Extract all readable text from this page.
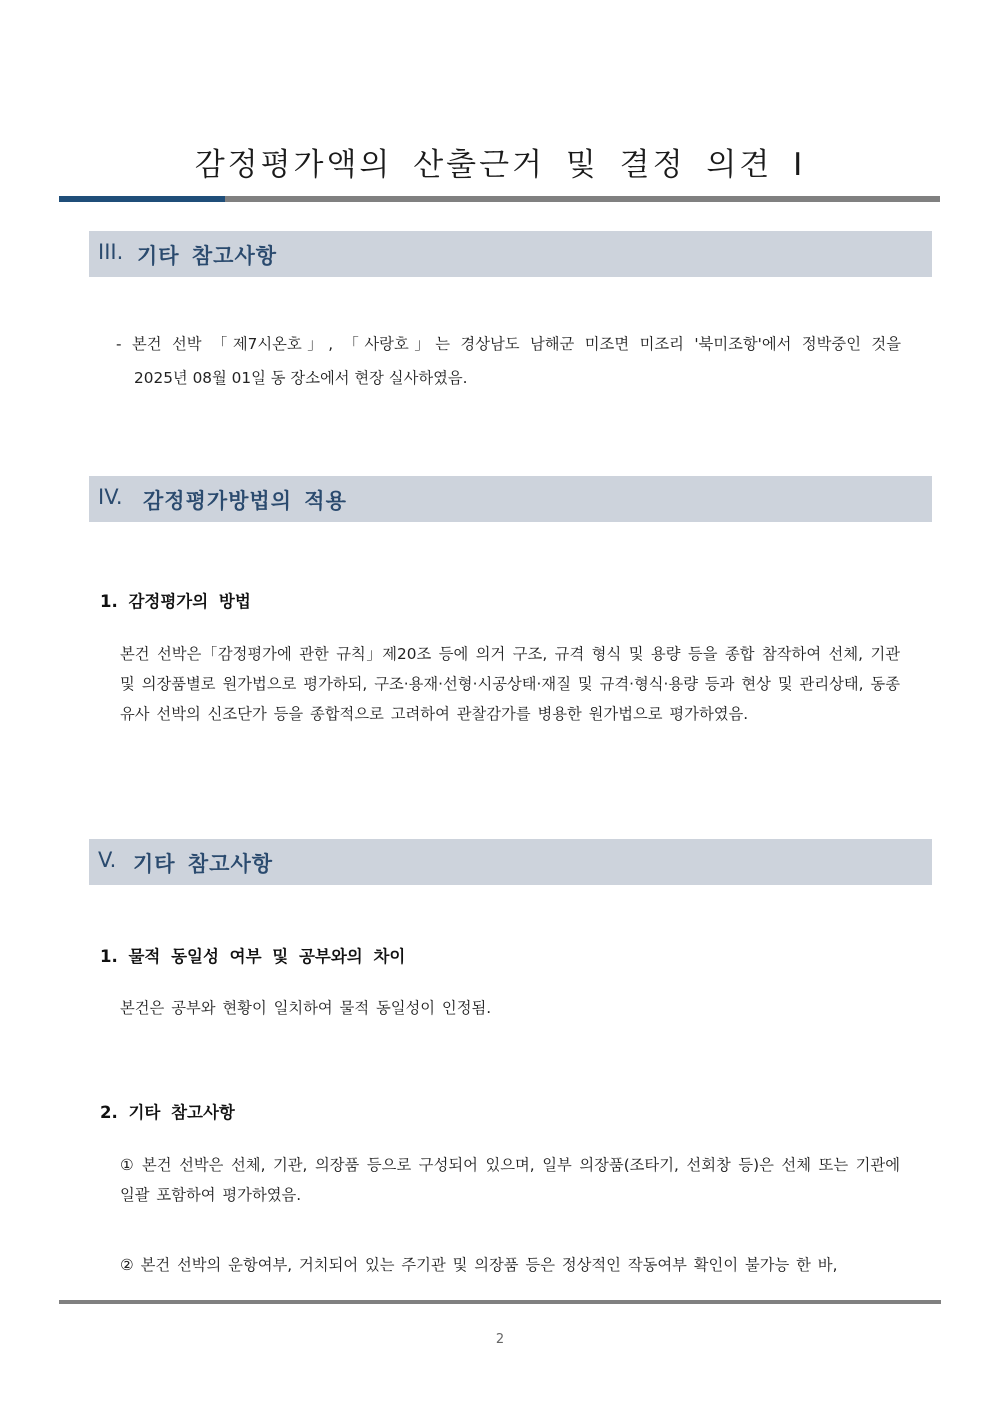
감정평가액의 산출근거 및 결정 의견 I
III. 기타 참고사항

- 본건 선박 「제7시온호」, 「사랑호」는 경상남도 남해군 미조면 미조리 '북미조항'에서 정박중인 것을
2025년 08월 01일 동 장소에서 현장 실사하였음.

IV. 감정평가방법의 적용
1. 감정평가의 방법

본건 선박은「감정평가에 관한 규칙」제20조 등에 의거 구조, 규격 형식 및 용량 등을 종합 참작하여 선체, 기관 및 의장품별로 원가법으로 평가하되, 구조·용재·선형·시공상태·재질 및 규격·형식·용량 등과 현상 및 관리상태, 동종 유사 선박의 신조단가 등을 종합적으로 고려하여 관찰감가를 병용한 원가법으로 평가하였음.

V. 기타 참고사항
1. 물적 동일성 여부 및 공부와의 차이

본건은 공부와 현황이 일치하여 물적 동일성이 인정됨.

2. 기타 참고사항

① 본건 선박은 선체, 기관, 의장품 등으로 구성되어 있으며, 일부 의장품(조타기, 선회창 등)은 선체 또는 기관에 일괄 포함하여 평가하였음.

② 본건 선박의 운항여부, 거치되어 있는 주기관 및 의장품 등은 정상적인 작동여부 확인이 불가능 한 바,

2
